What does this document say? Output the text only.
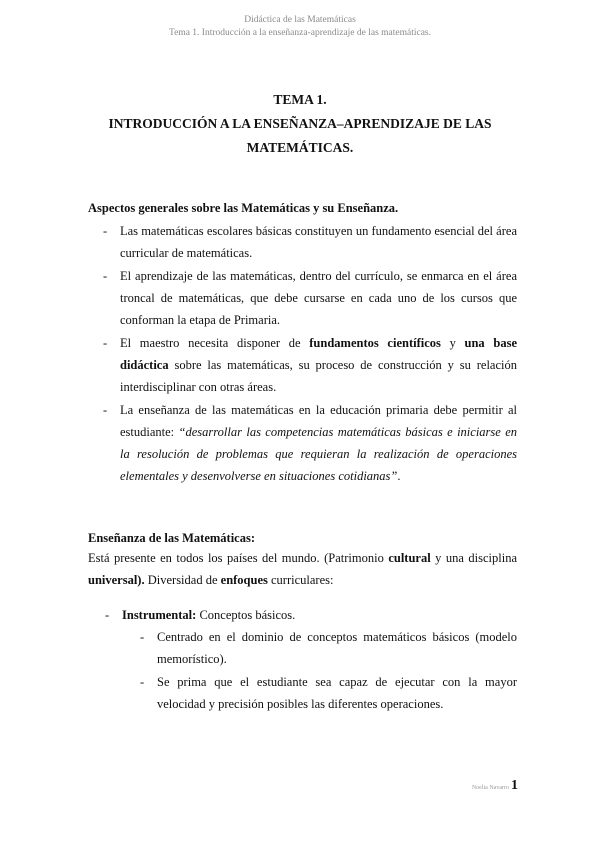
Didáctica de las Matemáticas
Tema 1. Introducción a la enseñanza-aprendizaje de las matemáticas.
TEMA 1.
INTRODUCCIÓN A LA ENSEÑANZA–APRENDIZAJE DE LAS
MATEMÁTICAS.
Aspectos generales sobre las Matemáticas y su Enseñanza.
- Las matemáticas escolares básicas constituyen un fundamento esencial del área curricular de matemáticas.
- El aprendizaje de las matemáticas, dentro del currículo, se enmarca en el área troncal de matemáticas, que debe cursarse en cada uno de los cursos que conforman la etapa de Primaria.
- El maestro necesita disponer de fundamentos científicos y una base didáctica sobre las matemáticas, su proceso de construcción y su relación interdisciplinar con otras áreas.
- La enseñanza de las matemáticas en la educación primaria debe permitir al estudiante: “desarrollar las competencias matemáticas básicas e iniciarse en la resolución de problemas que requieran la realización de operaciones elementales y desenvolverse en situaciones cotidianas”.
Enseñanza de las Matemáticas:
Está presente en todos los países del mundo. (Patrimonio cultural y una disciplina universal). Diversidad de enfoques curriculares:
- Instrumental: Conceptos básicos.
- Centrado en el dominio de conceptos matemáticos básicos (modelo memorístico).
- Se prima que el estudiante sea capaz de ejecutar con la mayor velocidad y precisión posibles las diferentes operaciones.
Noelia Navarro 1
